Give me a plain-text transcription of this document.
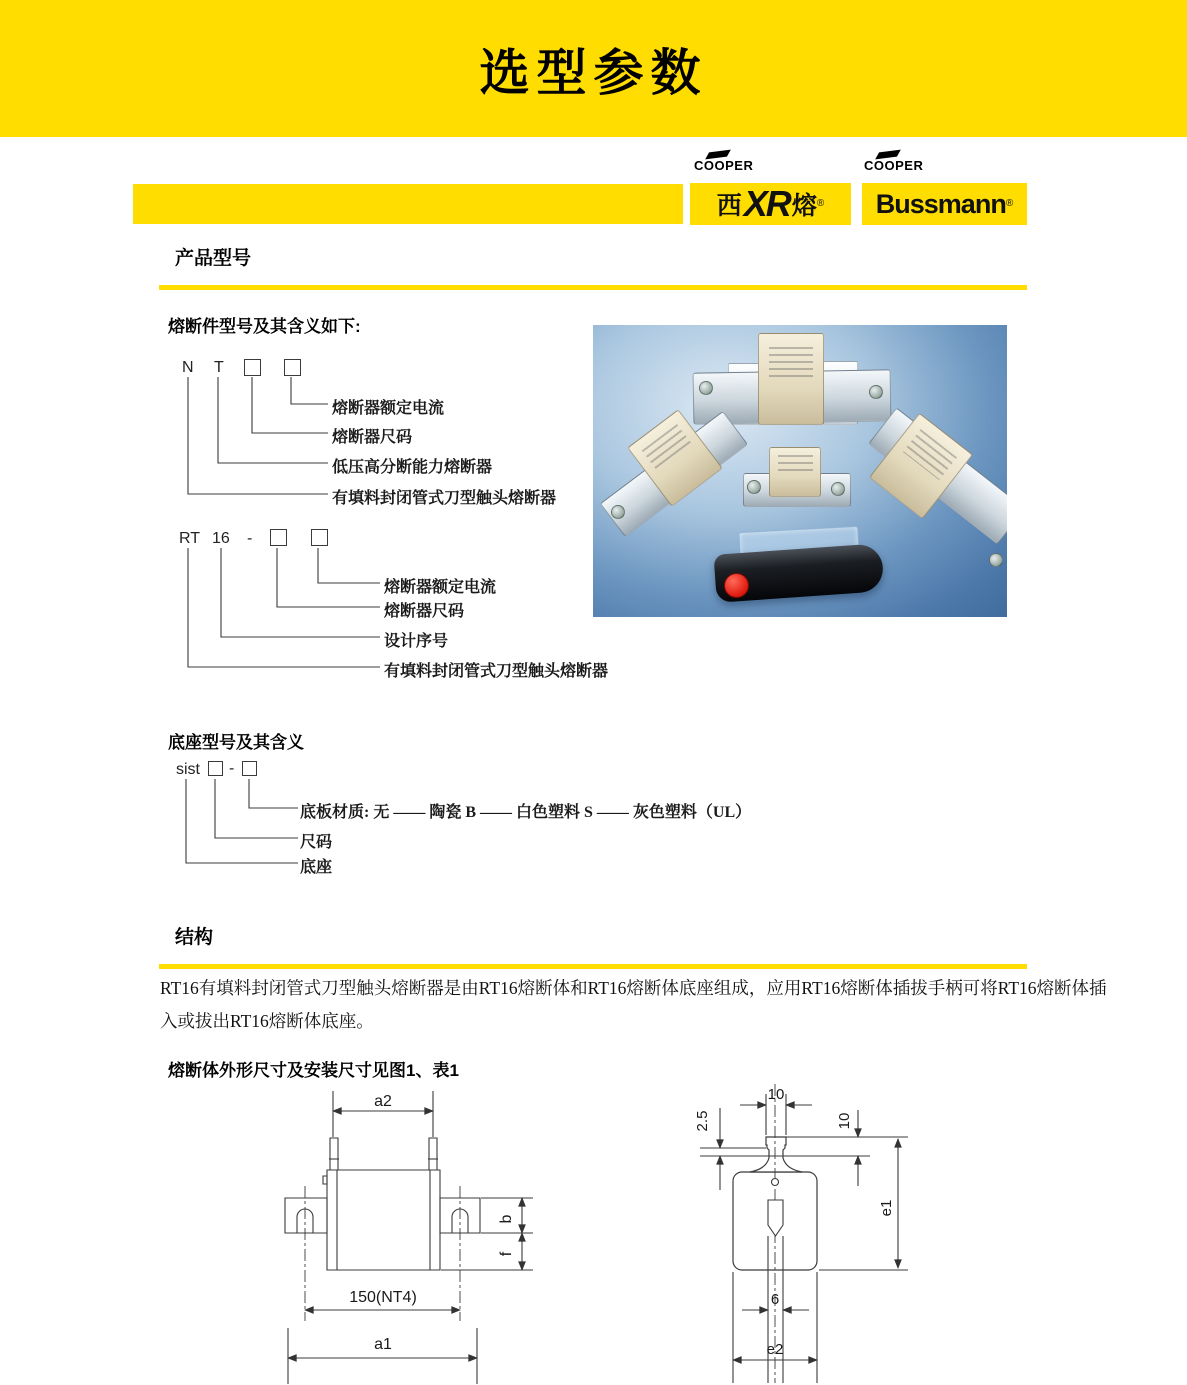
选型参数
COOPER
西 XR 熔 ®
COOPER
Bussmann ®
产品型号
熔断件型号及其含义如下:
N T
熔断器额定电流
熔断器尺码
低压高分断能力熔断器
有填料封闭管式刀型触头熔断器
RT 16 -
熔断器额定电流
熔断器尺码
设计序号
有填料封闭管式刀型触头熔断器
底座型号及其含义
sist -
底板材质: 无 —— 陶瓷 B —— 白色塑料 S —— 灰色塑料（UL）
尺码
底座
结构

RT16有填料封闭管式刀型触头熔断器是由RT16熔断体和RT16熔断体底座组成，应用RT16熔断体插拔手柄可将RT16熔断体插入或拔出RT16熔断体底座。

熔断体外形尺寸及安装尺寸见图1、表1
a2
b
f
150(NT4)
a1
10
2.5	10
e1
6
e2
